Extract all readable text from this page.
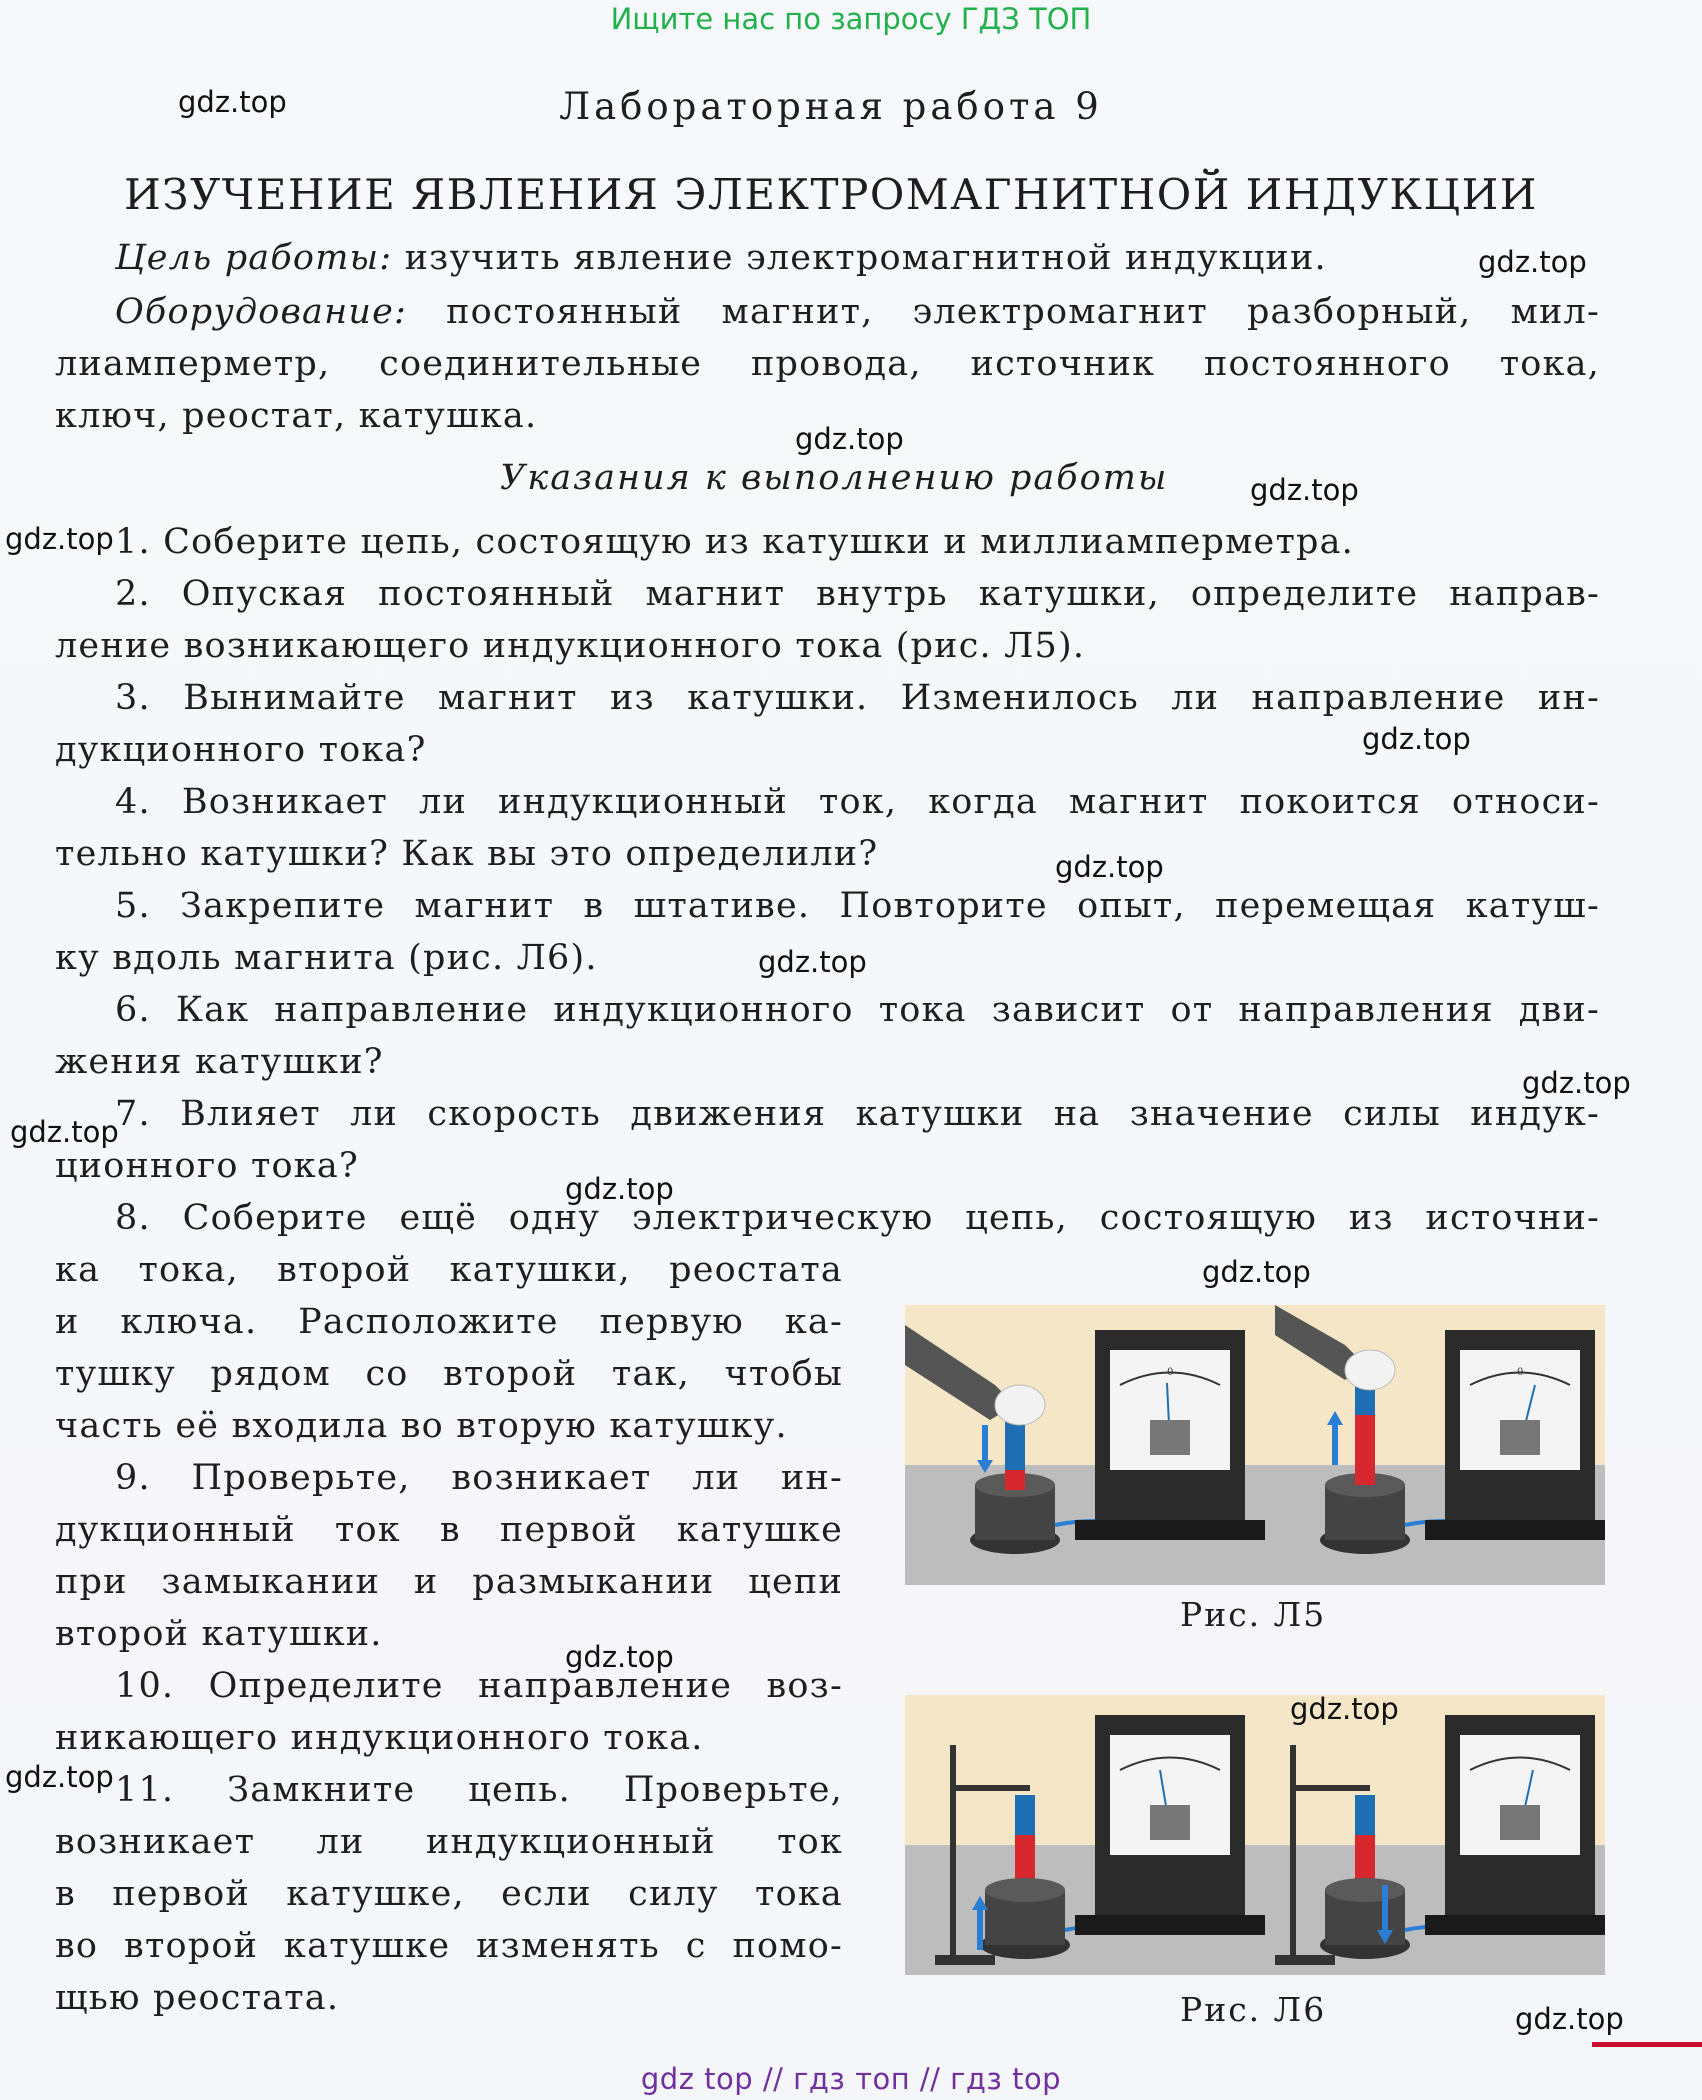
Ищите нас по запросу ГДЗ ТОП
Лабораторная работа 9
ИЗУЧЕНИЕ ЯВЛЕНИЯ ЭЛЕКТРОМАГНИТНОЙ ИНДУКЦИИ
Цель работы: изучить явление электромагнитной индукции.
Оборудование: постоянный магнит, электромагнит разборный, мил-
лиамперметр, соединительные провода, источник постоянного тока,
ключ, реостат, катушка.
Указания к выполнению работы
1. Соберите цепь, состоящую из катушки и миллиамперметра.
2. Опуская постоянный магнит внутрь катушки, определите направ-
ление возникающего индукционного тока (рис. Л5).
3. Вынимайте магнит из катушки. Изменилось ли направление ин-
дукционного тока?
4. Возникает ли индукционный ток, когда магнит покоится относи-
тельно катушки? Как вы это определили?
5. Закрепите магнит в штативе. Повторите опыт, перемещая катуш-
ку вдоль магнита (рис. Л6).
6. Как направление индукционного тока зависит от направления дви-
жения катушки?
7. Влияет ли скорость движения катушки на значение силы индук-
ционного тока?
8. Соберите ещё одну электрическую цепь, состоящую из источни-
ка тока, второй катушки, реостата
и ключа. Расположите первую ка-
тушку рядом со второй так, чтобы
часть её входила во вторую катушку.
9. Проверьте, возникает ли ин-
дукционный ток в первой катушке
при замыкании и размыкании цепи
второй катушки.
10. Определите направление воз-
никающего индукционного тока.
11. Замкните цепь. Проверьте,
возникает ли индукционный ток
в первой катушке, если силу тока
во второй катушке изменять с помо-
щью реостата.
0	0
Рис. Л5
Рис. Л6
gdz.top
gdz.top
gdz.top
gdz.top
gdz.top
gdz.top
gdz.top
gdz.top
gdz.top
gdz.top
gdz.top
gdz.top
gdz.top
gdz.top
gdz.top
gdz.top
gdz top // гдз топ // гдз top
